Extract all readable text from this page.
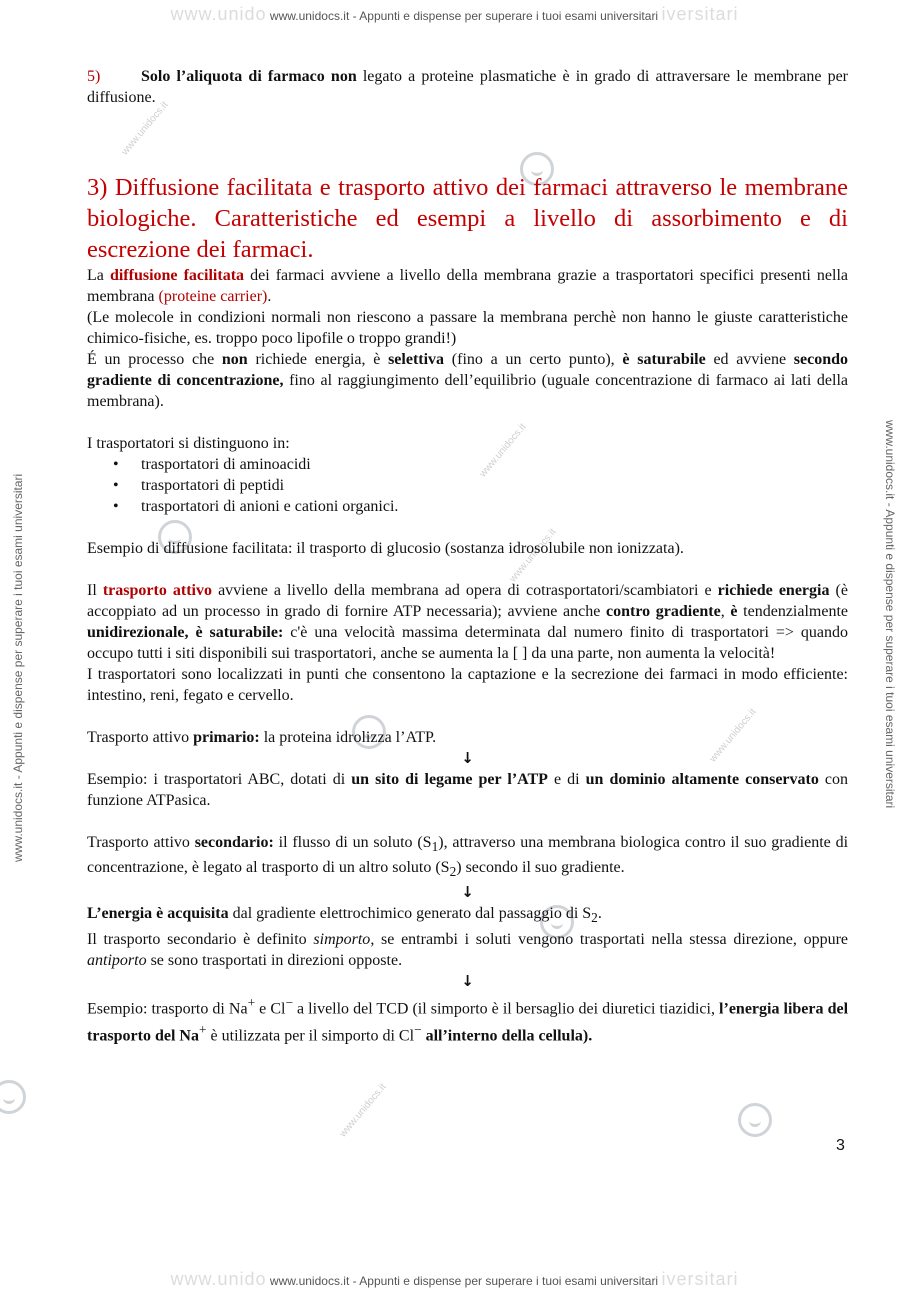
www.unido www.unidocs.it - Appunti e dispense per superare i tuoi esami universitari iversitari
www.unidocs.it - Appunti e dispense per superare i tuoi esami universitari	www.unidocs.it - Appunti e dispense per superare i tuoi esami universitari
www.unidocs.it
www.unidocs.it
www.unidocs.it
www.unidocs.it
www.unidocs.it

5)	Solo l’aliquota di farmaco non legato a proteine plasmatiche è in grado di attraversare le membrane per diffusione.

3) Diffusione facilitata e trasporto attivo dei farmaci attraverso le membrane biologiche. Caratteristiche ed esempi a livello di assorbimento e di escrezione dei farmaci.

La diffusione facilitata dei farmaci avviene a livello della membrana grazie a trasportatori specifici presenti nella membrana (proteine carrier).

(Le molecole in condizioni normali non riescono a passare la membrana perchè non hanno le giuste caratteristiche chimico-fisiche, es. troppo poco lipofile o troppo grandi!)

É un processo che non richiede energia, è selettiva (fino a un certo punto), è saturabile ed avviene secondo gradiente di concentrazione, fino al raggiungimento dell’equilibrio (uguale concentrazione di farmaco ai lati della membrana).

I trasportatori si distinguono in:

• trasportatori di aminoacidi
• trasportatori di peptidi
• trasportatori di anioni e cationi organici.

Esempio di diffusione facilitata: il trasporto di glucosio (sostanza idrosolubile non ionizzata).

Il trasporto attivo avviene a livello della membrana ad opera di cotrasportatori/scambiatori e richiede energia (è accoppiato ad un processo in grado di fornire ATP necessaria); avviene anche contro gradiente, è tendenzialmente unidirezionale, è saturabile: c'è una velocità massima determinata dal numero finito di trasportatori => quando occupo tutti i siti disponibili sui trasportatori, anche se aumenta la [ ] da una parte, non aumenta la velocità!

I trasportatori sono localizzati in punti che consentono la captazione e la secrezione dei farmaci in modo efficiente: intestino, reni, fegato e cervello.

Trasporto attivo primario: la proteina idrolizza l’ATP.

↓

Esempio: i trasportatori ABC, dotati di un sito di legame per l’ATP e di un dominio altamente conservato con funzione ATPasica.

Trasporto attivo secondario: il flusso di un soluto $(S_1)$, attraverso una membrana biologica contro il suo gradiente di concentrazione, è legato al trasporto di un altro soluto $(S_2)$ secondo il suo gradiente.

↓

L’energia è acquisita dal gradiente elettrochimico generato dal passaggio di $S_2$.

Il trasporto secondario è definito simporto, se entrambi i soluti vengono trasportati nella stessa direzione, oppure antiporto se sono trasportati in direzioni opposte.

↓

Esempio: trasporto di Na+ e Cl− a livello del TCD (il simporto è il bersaglio dei diuretici tiazidici, l’energia libera del trasporto del Na+ è utilizzata per il simporto di Cl− all’interno della cellula).

3
www.unido www.unidocs.it - Appunti e dispense per superare i tuoi esami universitari iversitari
